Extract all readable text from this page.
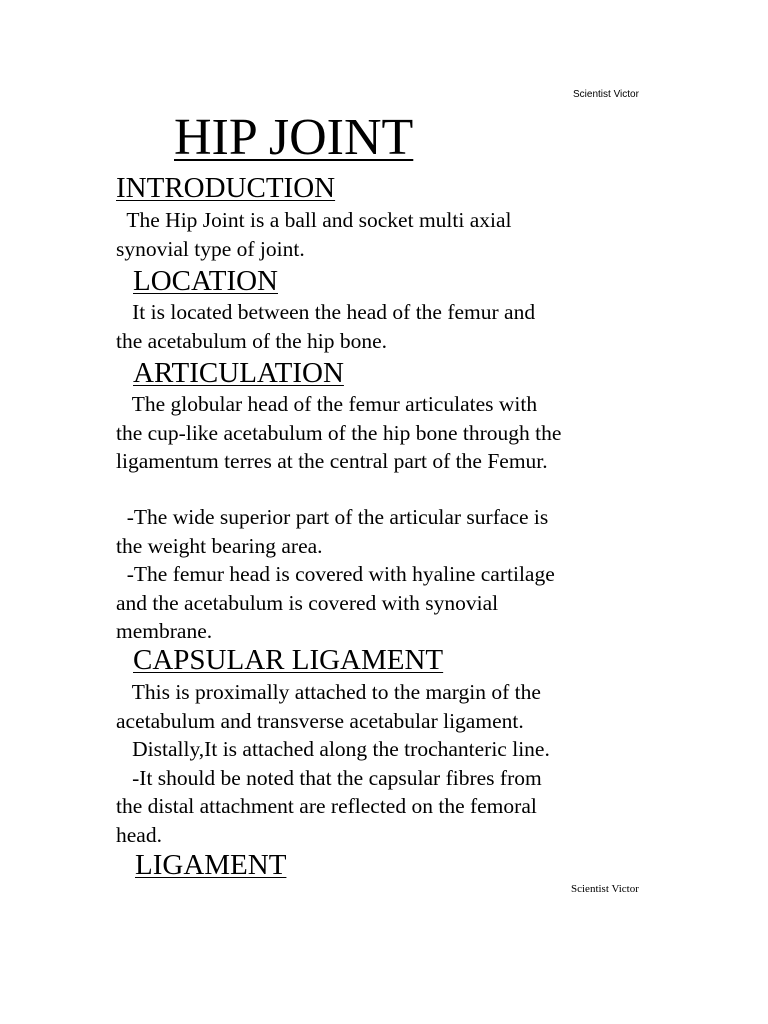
Scientist Victor
HIP JOINT
INTRODUCTION
The Hip Joint is a ball and socket multi axial
synovial type of joint.
LOCATION
It is located between the head of the femur and
the acetabulum of the hip bone.
ARTICULATION
The globular head of the femur articulates with
the cup-like acetabulum of the hip bone through the
ligamentum terres at the central part of the Femur.
-The wide superior part of the articular surface is
the weight bearing area.
-The femur head is covered with hyaline cartilage
and the acetabulum is covered with synovial
membrane.
CAPSULAR LIGAMENT
This is proximally attached to the margin of the
acetabulum and transverse acetabular ligament.
Distally,It is attached along the trochanteric line.
-It should be noted that the capsular fibres from
the distal attachment are reflected on the femoral
head.
LIGAMENT
Scientist Victor
